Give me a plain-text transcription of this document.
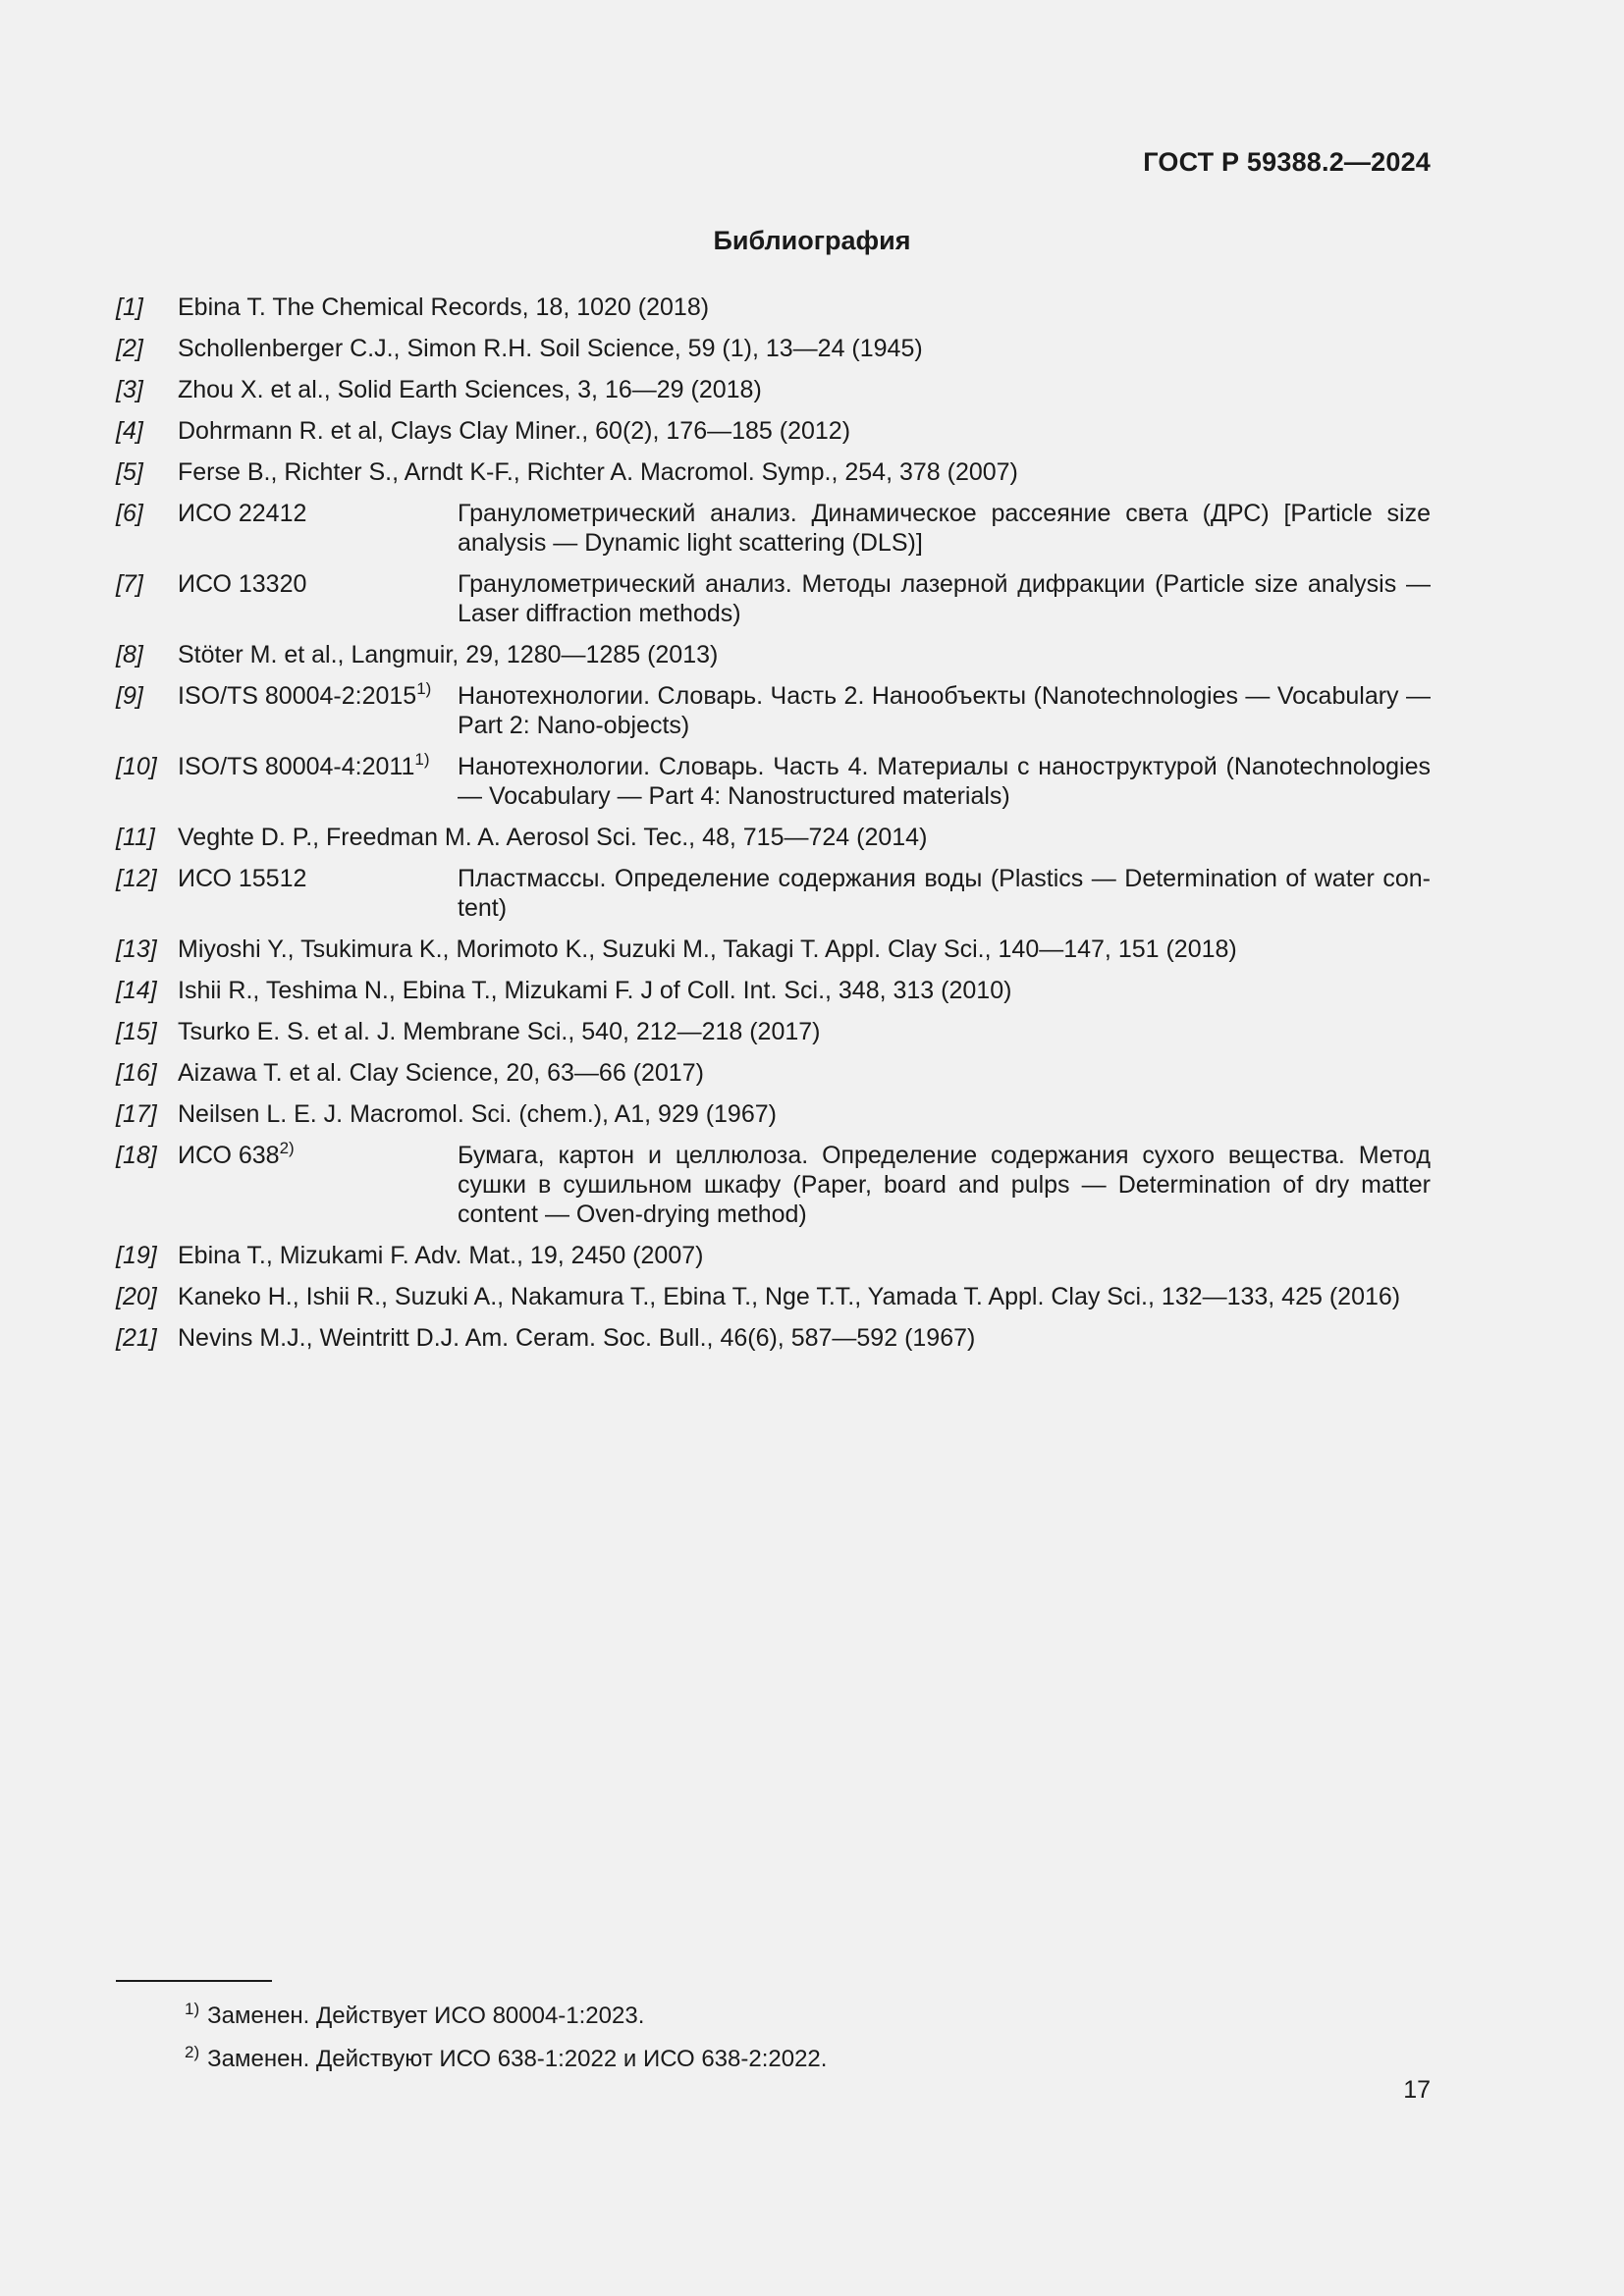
ГОСТ Р 59388.2—2024
Библиография
[1] Ebina T. The Chemical Records, 18, 1020 (2018)
[2] Schollenberger C.J., Simon R.H. Soil Science, 59 (1), 13—24 (1945)
[3] Zhou X. et al., Solid Earth Sciences, 3, 16—29 (2018)
[4] Dohrmann R. et al, Clays Clay Miner., 60(2), 176—185 (2012)
[5] Ferse B., Richter S., Arndt K-F., Richter A. Macromol. Symp., 254, 378 (2007)
[6] ИСО 22412	Гранулометрический анализ. Динамическое рассеяние света (ДРС) [Particle size analysis — Dynamic light scattering (DLS)]
[7] ИСО 13320	Гранулометрический анализ. Методы лазерной дифракции (Particle size analysis — Laser diffraction methods)
[8] Stöter M. et al., Langmuir, 29, 1280—1285 (2013)
[9] ISO/TS 80004-2:2015$^{1)}$	Нанотехнологии. Словарь. Часть 2. Нанообъекты (Nanotechnologies — Vocabulary — Part 2: Nano-objects)
[10] ISO/TS 80004-4:2011$^{1)}$	Нанотехнологии. Словарь. Часть 4. Материалы с наноструктурой (Nanotechnologies — Vocabulary — Part 4: Nanostructured materials)
[11] Veghte D. P., Freedman M. A. Aerosol Sci. Tec., 48, 715—724 (2014)
[12] ИСО 15512	Пластмассы. Определение содержания воды (Plastics — Determination of water content)
[13] Miyoshi Y., Tsukimura K., Morimoto K., Suzuki M., Takagi T. Appl. Clay Sci., 140—147, 151 (2018)
[14] Ishii R., Teshima N., Ebina T., Mizukami F. J of Coll. Int. Sci., 348, 313 (2010)
[15] Tsurko E. S. et al. J. Membrane Sci., 540, 212—218 (2017)
[16] Aizawa T. et al. Clay Science, 20, 63—66 (2017)
[17] Neilsen L. E. J. Macromol. Sci. (chem.), A1, 929 (1967)
[18] ИСО 638$^{2)}$	Бумага, картон и целлюлоза. Определение содержания сухого вещества. Метод сушки в сушильном шкафу (Paper, board and pulps — Determination of dry matter content — Oven-drying method)
[19] Ebina T., Mizukami F. Adv. Mat., 19, 2450 (2007)
[20] Kaneko H., Ishii R., Suzuki A., Nakamura T., Ebina T., Nge T.T., Yamada T. Appl. Clay Sci., 132—133, 425 (2016)
[21] Nevins M.J., Weintritt D.J. Am. Ceram. Soc. Bull., 46(6), 587—592 (1967)
$^{1)}$ Заменен. Действует ИСО 80004-1:2023.
$^{2)}$ Заменен. Действуют ИСО 638-1:2022 и ИСО 638-2:2022.
17
